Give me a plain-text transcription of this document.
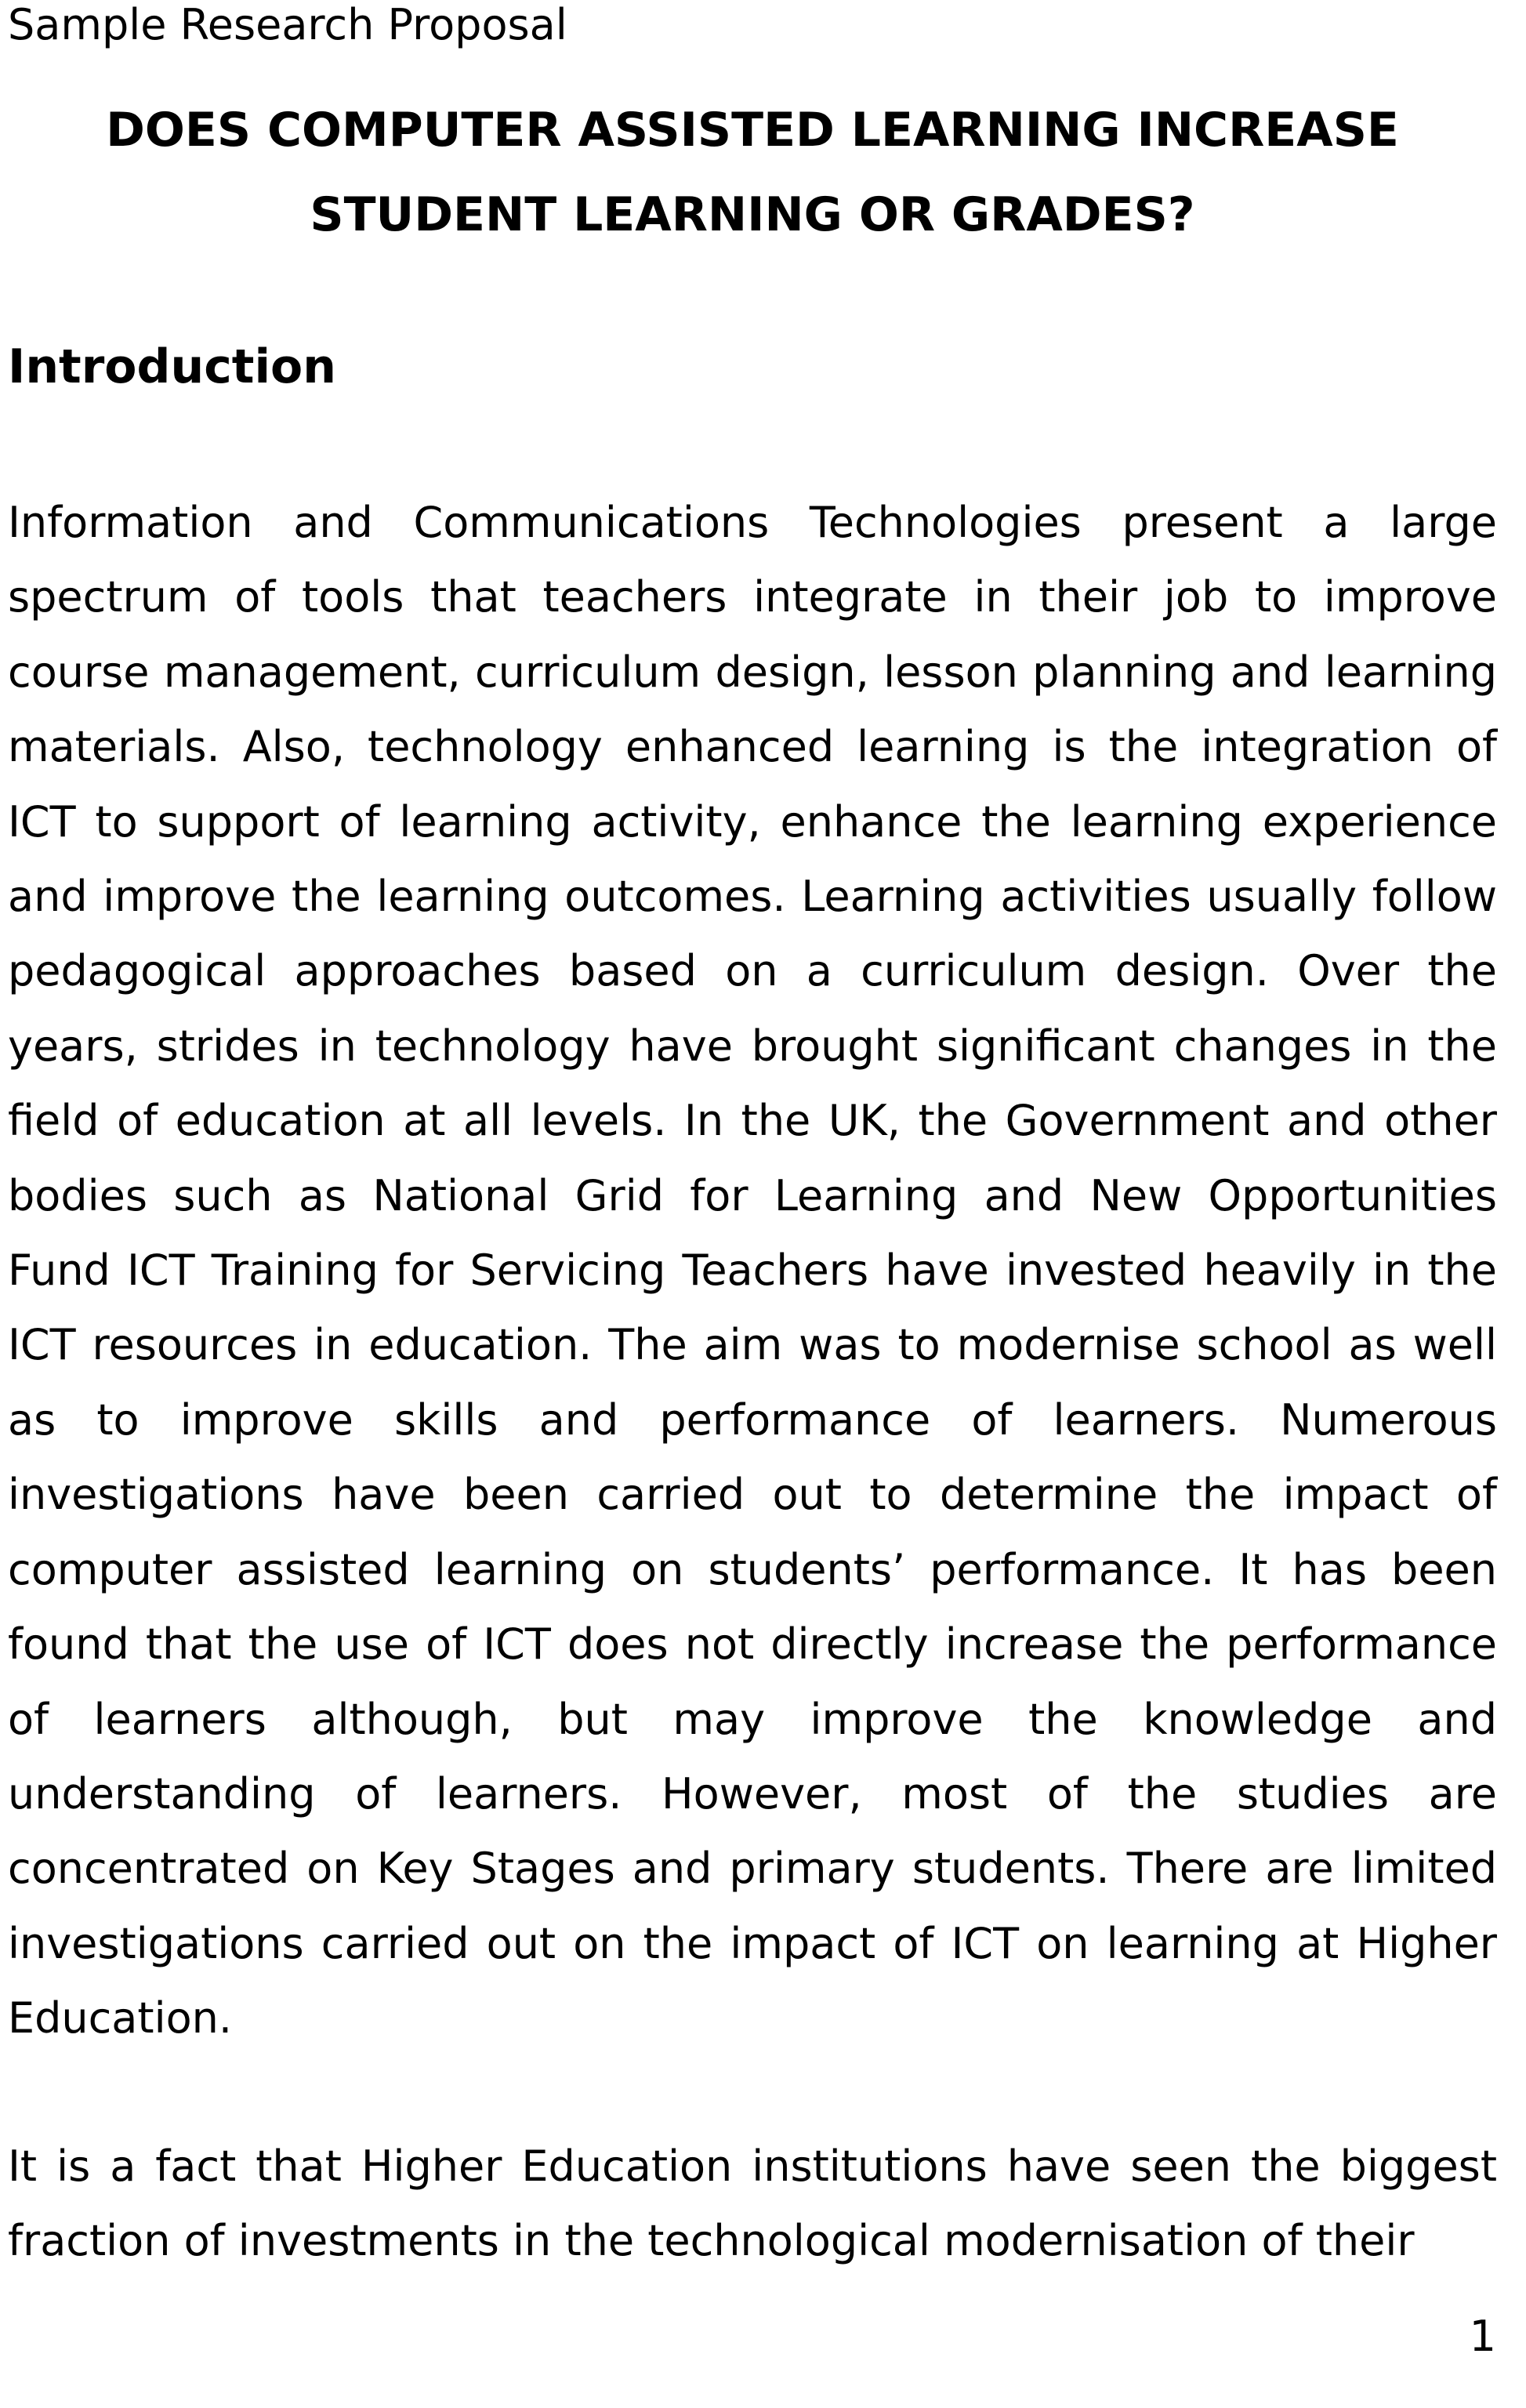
Sample Research Proposal
DOES COMPUTER ASSISTED LEARNING INCREASE STUDENT LEARNING OR GRADES?
Introduction

Information and Communications Technologies present a large spectrum of tools that teachers integrate in their job to improve course management, curriculum design, lesson planning and learning materials. Also, technology enhanced learning is the integration of ICT to support of learning activity, enhance the learning experience and improve the learning outcomes. Learning activities usually follow pedagogical approaches based on a curriculum design. Over the years, strides in technology have brought significant changes in the field of education at all levels. In the UK, the Government and other bodies such as National Grid for Learning and New Opportunities Fund ICT Training for Servicing Teachers have invested heavily in the ICT resources in education. The aim was to modernise school as well as to improve skills and performance of learners. Numerous investigations have been carried out to determine the impact of computer assisted learning on students’ performance. It has been found that the use of ICT does not directly increase the performance of learners although, but may improve the knowledge and understanding of learners. However, most of the studies are concentrated on Key Stages and primary students. There are limited investigations carried out on the impact of ICT on learning at Higher Education.

It is a fact that Higher Education institutions have seen the biggest fraction of investments in the technological modernisation of their

1
